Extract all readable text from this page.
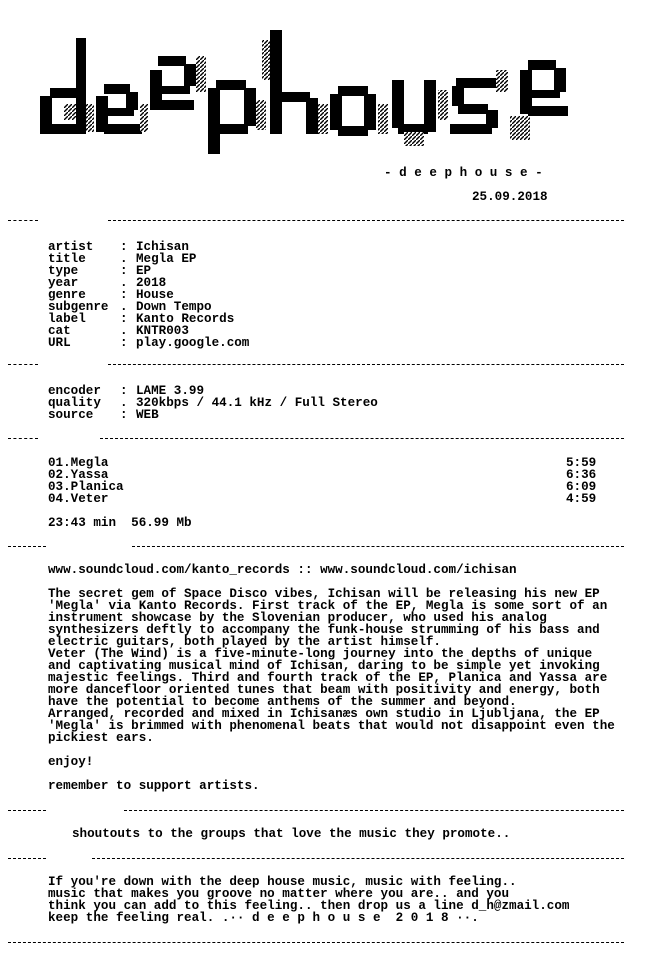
- d e e p h o u s e -
25.09.2018

artist : Ichisan
title	. Megla EP
type	: EP
year	. 2018
genre	: House
subgenre . Down Tempo
label	: Kanto Records
cat	. KNTR003
URL	: play.google.com

encoder : LAME 3.99
quality . 320kbps / 44.1 kHz / Full Stereo
source : WEB

01.Megla	5:59
02.Yassa	6:36
03.Planica	6:09
04.Veter	4:59
23:43 min  56.99 Mb

www.soundcloud.com/kanto_records :: www.soundcloud.com/ichisan
The secret gem of Space Disco vibes, Ichisan will be releasing his new EP
'Megla' via Kanto Records. First track of the EP, Megla is some sort of an
instrument showcase by the Slovenian producer, who used his analog
synthesizers deftly to accompany the funk-house strumming of his bass and
electric guitars, both played by the artist himself.
Veter (The Wind) is a five-minute-long journey into the depths of unique
and captivating musical mind of Ichisan, daring to be simple yet invoking
majestic feelings. Third and fourth track of the EP, Planica and Yassa are
more dancefloor oriented tunes that beam with positivity and energy, both
have the potential to become anthems of the summer and beyond.
Arranged, recorded and mixed in Ichisanæs own studio in Ljubljana, the EP
'Megla' is brimmed with phenomenal beats that would not disappoint even the
pickiest ears.
enjoy!
remember to support artists.

shoutouts to the groups that love the music they promote..

If you're down with the deep house music, music with feeling..
music that makes you groove no matter where you are.. and you
think you can add to this feeling.. then drop us a line d_h@zmail.com
keep the feeling real. .·· d e e p h o u s e  2 0 1 8 ··.
